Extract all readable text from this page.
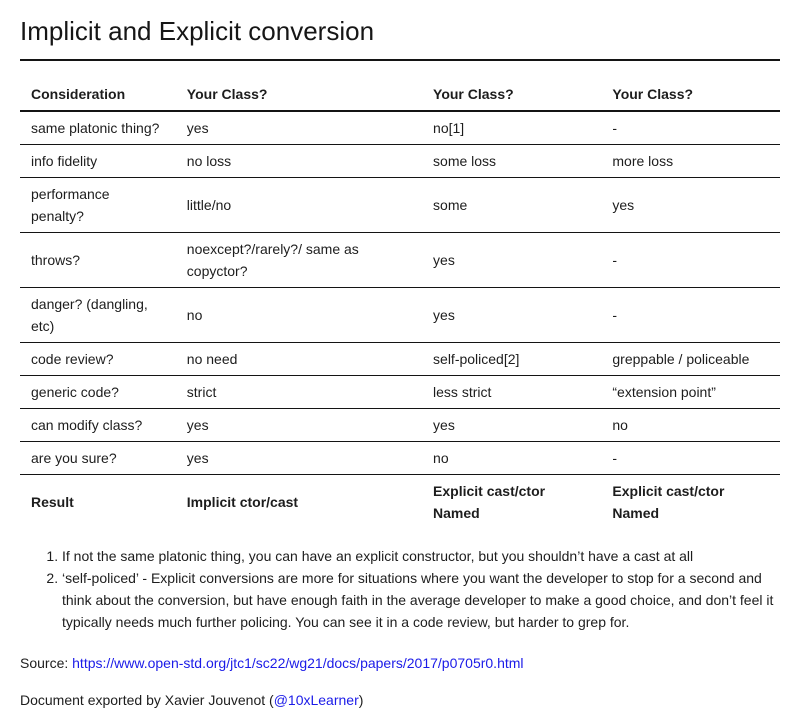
Implicit and Explicit conversion
Consideration	Your Class?	Your Class?	Your Class?
same platonic thing?	yes	no[1]	-
info fidelity	no loss	some loss	more loss
performance penalty?	little/no	some	yes
throws?	noexcept?/rarely?/ same as copyctor?	yes	-
danger? (dangling, etc)	no	yes	-
code review?	no need	self-policed[2]	greppable / policeable
generic code?	strict	less strict	“extension point”
can modify class?	yes	yes	no
are you sure?	yes	no	-
Result	Implicit ctor/cast	Explicit cast/ctor Named	Explicit cast/ctor Named
1. If not the same platonic thing, you can have an explicit constructor, but you shouldn’t have a cast at all
2. ‘self-policed’ - Explicit conversions are more for situations where you want the developer to stop for a second and think about the conversion, but have enough faith in the average developer to make a good choice, and don’t feel it typically needs much further policing. You can see it in a code review, but harder to grep for.

Source: https://www.open-std.org/jtc1/sc22/wg21/docs/papers/2017/p0705r0.html

Document exported by Xavier Jouvenot (@10xLearner)
